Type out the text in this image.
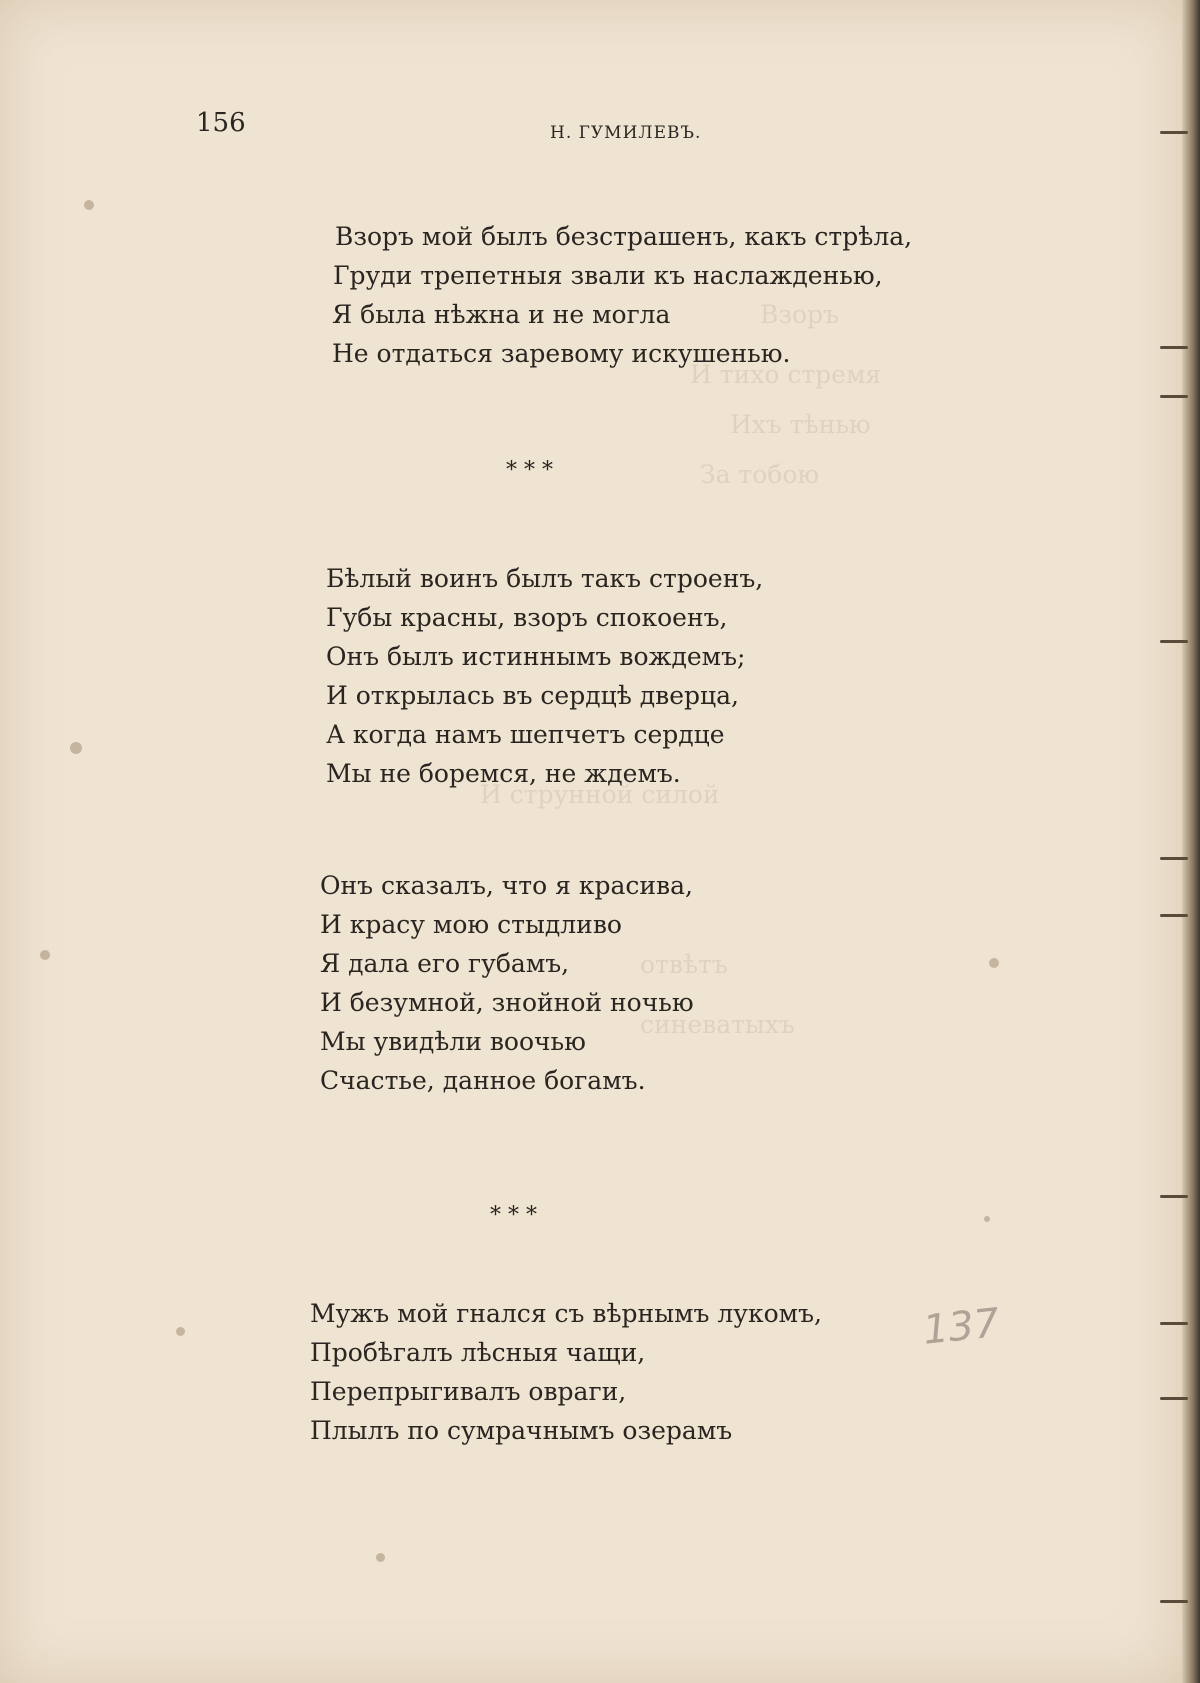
Взоръ
И тихо стремя
Ихъ тѣнью
За тобою
И струнной силой
отвѣтъ
синеватыхъ
156	Н. ГУМИЛЕВЪ.
Взоръ мой былъ безстрашенъ, какъ стрѣла,
Груди трепетныя звали къ наслажденью,
Я была нѣжна и не могла
Не отдаться заревому искушенью.
* * *
Бѣлый воинъ былъ такъ строенъ,
Губы красны, взоръ спокоенъ,
Онъ былъ истиннымъ вождемъ;
И открылась въ сердцѣ дверца,
А когда намъ шепчетъ сердце
Мы не боремся, не ждемъ.
Онъ сказалъ, что я красива,
И красу мою стыдливо
Я дала его губамъ,
И безумной, знойной ночью
Мы увидѣли воочью
Счастье, данное богамъ.
* * *
Мужъ мой гнался съ вѣрнымъ лукомъ,
Пробѣгалъ лѣсныя чащи,
Перепрыгивалъ овраги,
Плылъ по сумрачнымъ озерамъ
137
